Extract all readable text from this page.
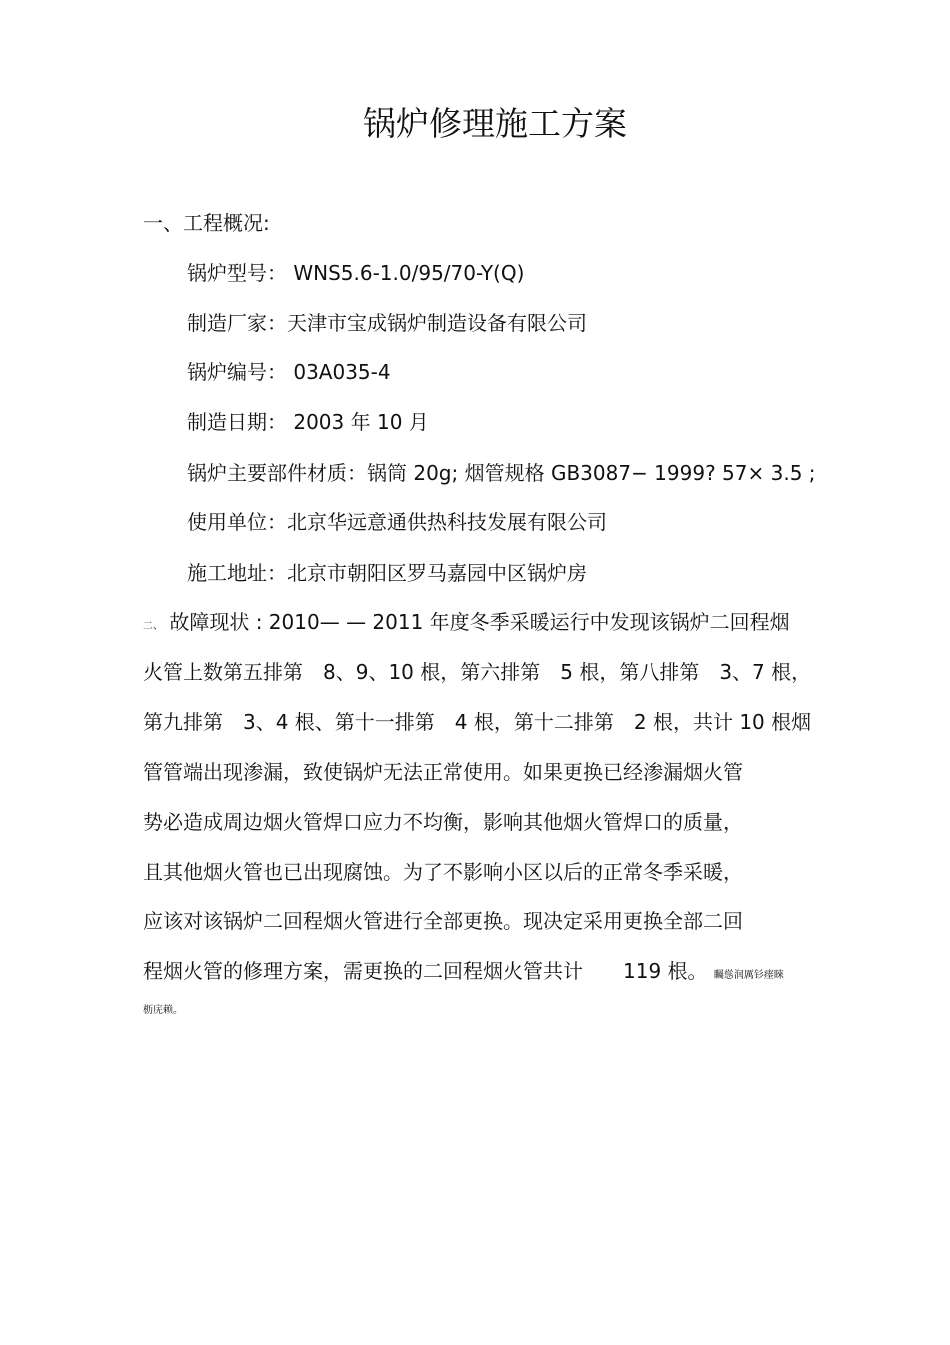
锅炉修理施工方案
一、工程概况:
锅炉型号： WNS5.6-1.0/95/70-Y(Q)
制造厂家：天津市宝成锅炉制造设备有限公司
锅炉编号： 03A035-4
制造日期： 2003 年 10 月
锅炉主要部件材质：锅筒 20g; 烟管规格 GB3087− 1999? 57× 3.5 ;
使用单位：北京华远意通供热科技发展有限公司
施工地址：北京市朝阳区罗马嘉园中区锅炉房
二、 故障现状 : 2010— — 2011 年度冬季采暖运行中发现该锅炉二回程烟
火管上数第五排第　8、9、10 根，第六排第　5 根，第八排第　3、7 根，
第九排第　3、4 根、第十一排第　4 根，第十二排第　2 根，共计 10 根烟
管管端出现渗漏，致使锅炉无法正常使用。如果更换已经渗漏烟火管
势必造成周边烟火管焊口应力不均衡，影响其他烟火管焊口的质量，
且其他烟火管也已出现腐蚀。为了不影响小区以后的正常冬季采暖，
应该对该锅炉二回程烟火管进行全部更换。现决定采用更换全部二回
程烟火管的修理方案，需更换的二回程烟火管共计　　119 根。 矚慫润厲钐瘗睞
枥庑赖。
